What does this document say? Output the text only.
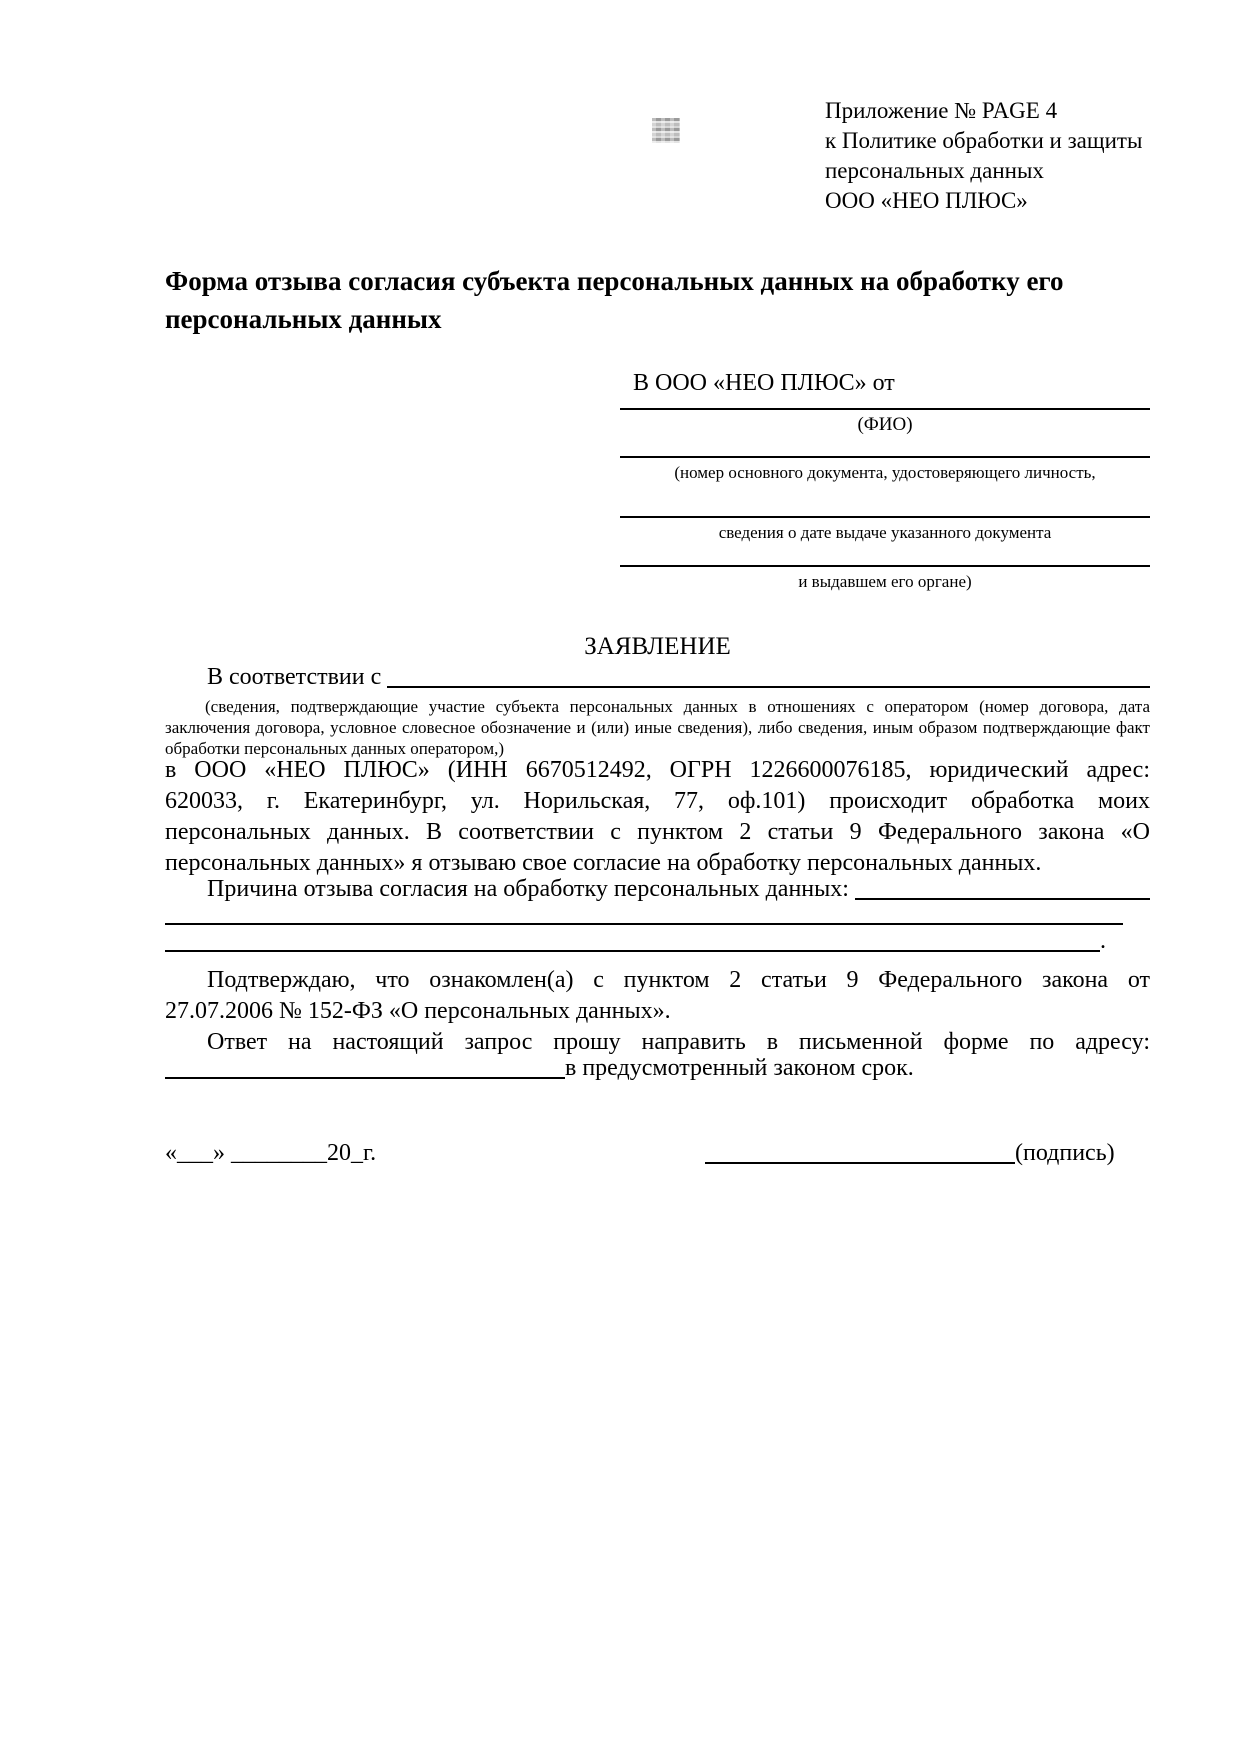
Приложение № PAGE 4
к Политике обработки и защиты
персональных данных
ООО «НЕО ПЛЮС»
Форма отзыва согласия субъекта персональных данных на обработку его персональных данных
В ООО «НЕО ПЛЮС» от
(ФИО)
(номер основного документа, удостоверяющего личность,
сведения о дате выдаче указанного документа
и выдавшем его органе)
ЗАЯВЛЕНИЕ
В соответствии с
(сведения, подтверждающие участие субъекта персональных данных в отношениях с оператором (номер договора, дата
заключения договора, условное словесное обозначение и (или) иные сведения), либо сведения, иным образом подтверждающие факт
обработки персональных данных оператором,)
в ООО «НЕО ПЛЮС» (ИНН 6670512492, ОГРН 1226600076185, юридический адрес:
620033, г. Екатеринбург, ул. Норильская, 77, оф.101) происходит обработка моих
персональных данных. В соответствии с пунктом 2 статьи 9 Федерального закона «О
персональных данных» я отзываю свое согласие на обработку персональных данных.
Причина отзыва согласия на обработку персональных данных:
.
Подтверждаю, что ознакомлен(а) с пунктом 2 статьи 9 Федерального закона от
27.07.2006 № 152-ФЗ «О персональных данных».
Ответ на настоящий запрос прошу направить в письменной форме по адресу:
в предусмотренный законом срок.
«___» ________20_г.	(подпись)
